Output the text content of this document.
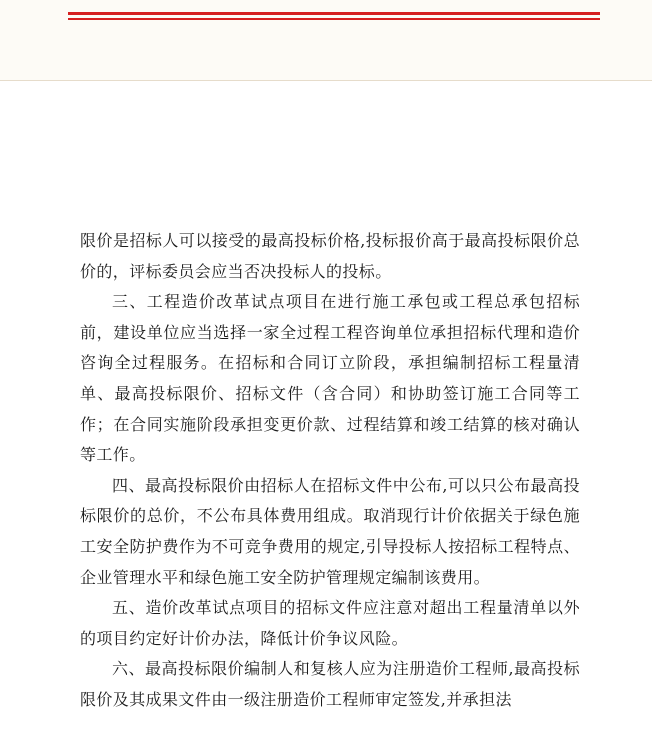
限价是招标人可以接受的最高投标价格,投标报价高于最高投标限价总价的，评标委员会应当否决投标人的投标。

三、工程造价改革试点项目在进行施工承包或工程总承包招标前，建设单位应当选择一家全过程工程咨询单位承担招标代理和造价咨询全过程服务。在招标和合同订立阶段，承担编制招标工程量清单、最高投标限价、招标文件（含合同）和协助签订施工合同等工作；在合同实施阶段承担变更价款、过程结算和竣工结算的核对确认等工作。

四、最高投标限价由招标人在招标文件中公布,可以只公布最高投标限价的总价，不公布具体费用组成。取消现行计价依据关于绿色施工安全防护费作为不可竞争费用的规定,引导投标人按招标工程特点、企业管理水平和绿色施工安全防护管理规定编制该费用。

五、造价改革试点项目的招标文件应注意对超出工程量清单以外的项目约定好计价办法，降低计价争议风险。

六、最高投标限价编制人和复核人应为注册造价工程师,最高投标限价及其成果文件由一级注册造价工程师审定签发,并承担法
